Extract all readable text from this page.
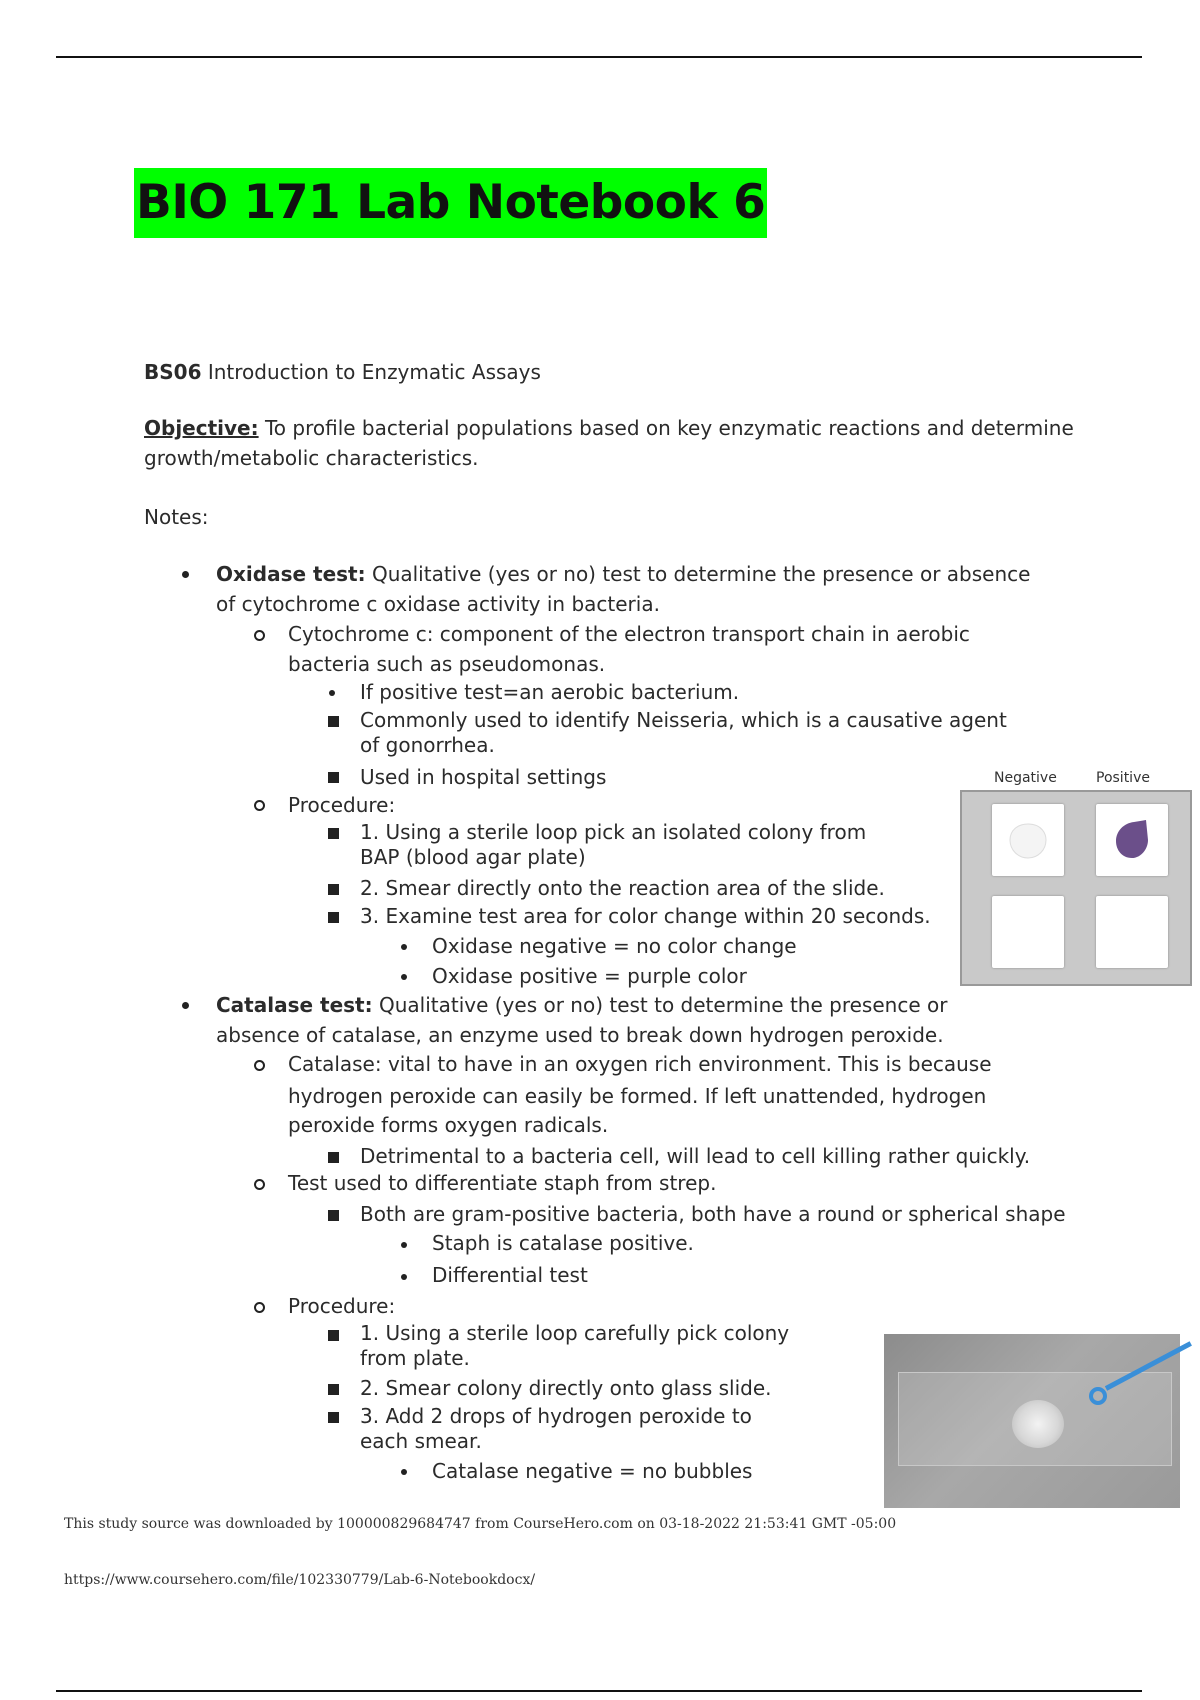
BIO 171 Lab Notebook 6
BS06 Introduction to Enzymatic Assays
Objective: To profile bacterial populations based on key enzymatic reactions and determine
growth/metabolic characteristics.
Notes:
Oxidase test: Qualitative (yes or no) test to determine the presence or absence
of cytochrome c oxidase activity in bacteria.
Cytochrome c: component of the electron transport chain in aerobic
bacteria such as pseudomonas.
If positive test=an aerobic bacterium.
Commonly used to identify Neisseria, which is a causative agent
of gonorrhea.
Used in hospital settings
Procedure:
1. Using a sterile loop pick an isolated colony from
BAP (blood agar plate)
2. Smear directly onto the reaction area of the slide.
3. Examine test area for color change within 20 seconds.
Oxidase negative = no color change
Oxidase positive = purple color
Negative	Positive
Catalase test: Qualitative (yes or no) test to determine the presence or
absence of catalase, an enzyme used to break down hydrogen peroxide.
Catalase: vital to have in an oxygen rich environment. This is because
hydrogen peroxide can easily be formed. If left unattended, hydrogen
peroxide forms oxygen radicals.
Detrimental to a bacteria cell, will lead to cell killing rather quickly.
Test used to differentiate staph from strep.
Both are gram-positive bacteria, both have a round or spherical shape
Staph is catalase positive.
Differential test
Procedure:
1. Using a sterile loop carefully pick colony
from plate.
2. Smear colony directly onto glass slide.
3. Add 2 drops of hydrogen peroxide to
each smear.
Catalase negative = no bubbles
This study source was downloaded by 100000829684747 from CourseHero.com on 03-18-2022 21:53:41 GMT -05:00
https://www.coursehero.com/file/102330779/Lab-6-Notebookdocx/
